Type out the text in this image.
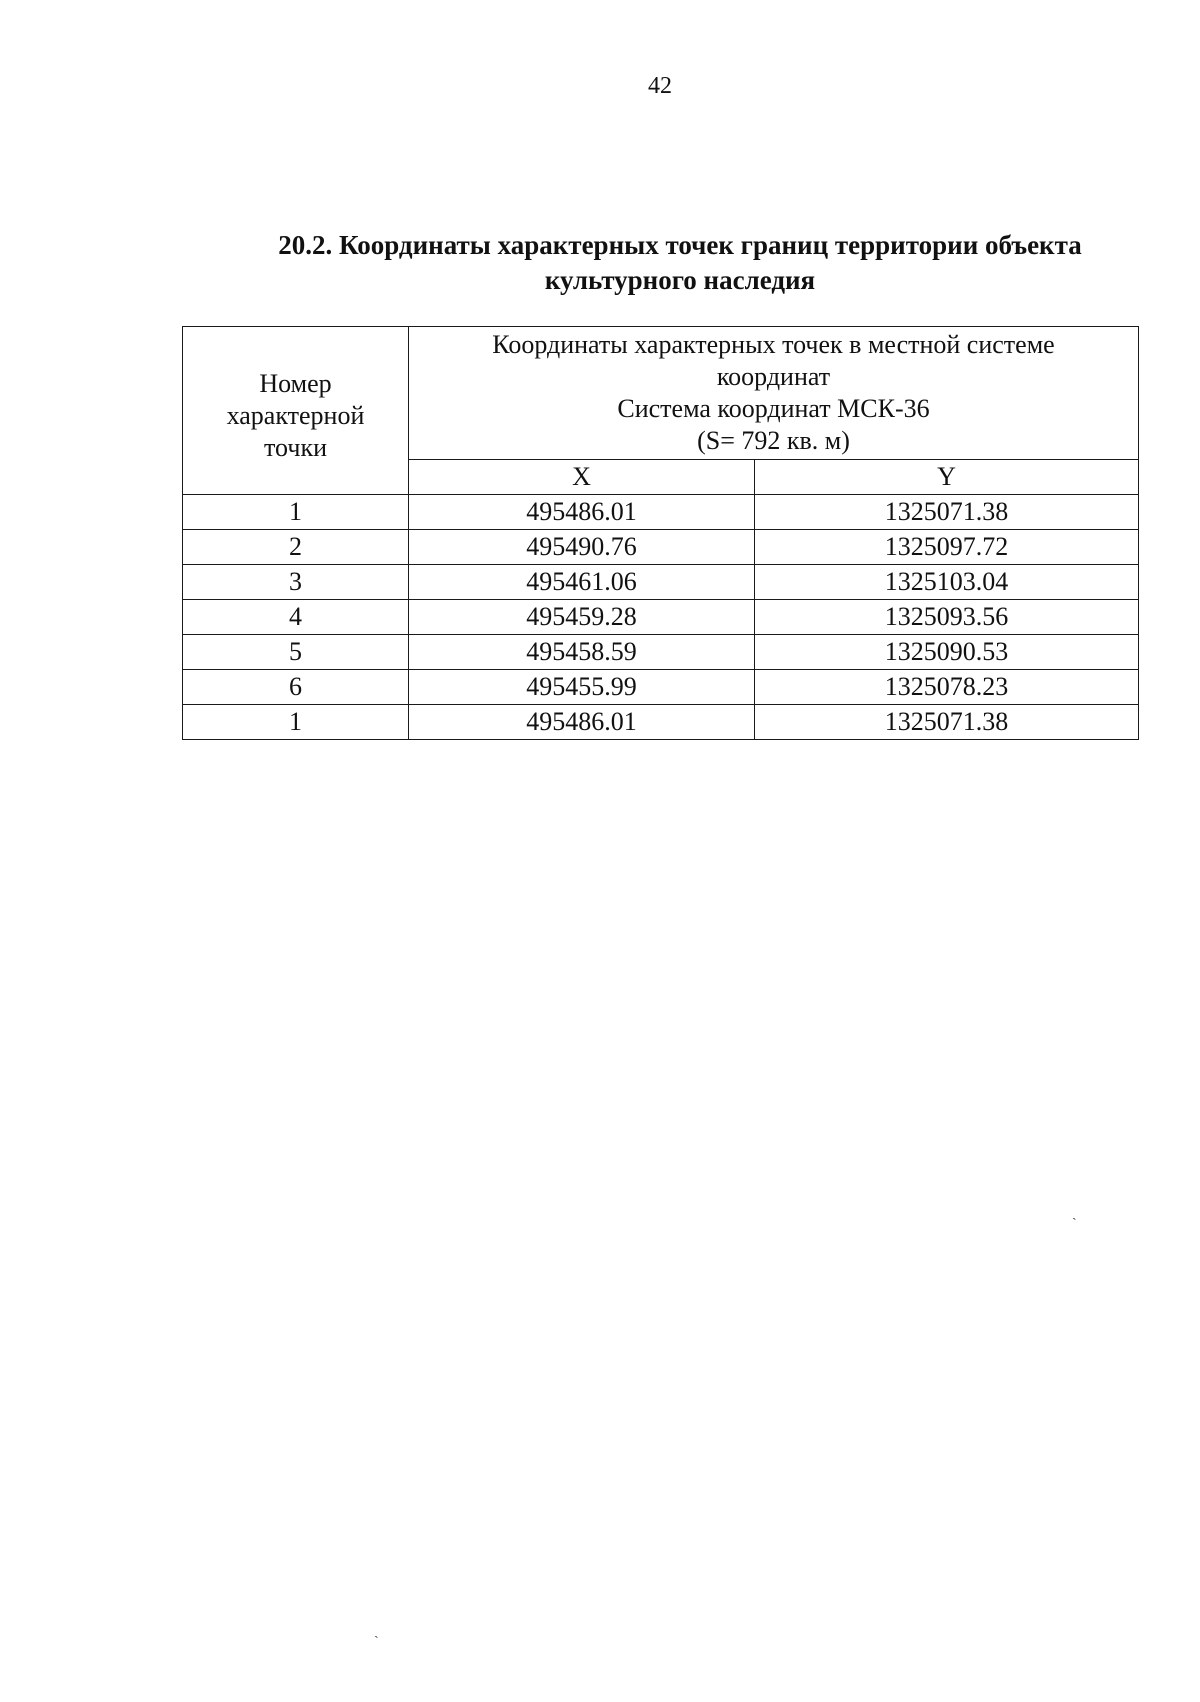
42
20.2. Координаты характерных точек границ территории объекта
культурного наследия
Номер
характерной
точки	Координаты характерных точек в местной системе
координат
Система координат МСК-36
(S= 792 кв. м)	

	X	Y
1	495486.01	1325071.38
2	495490.76	1325097.72
3	495461.06	1325103.04
4	495459.28	1325093.56
5	495458.59	1325090.53
6	495455.99	1325078.23
1	495486.01	1325071.38
ˏ
ˎ
